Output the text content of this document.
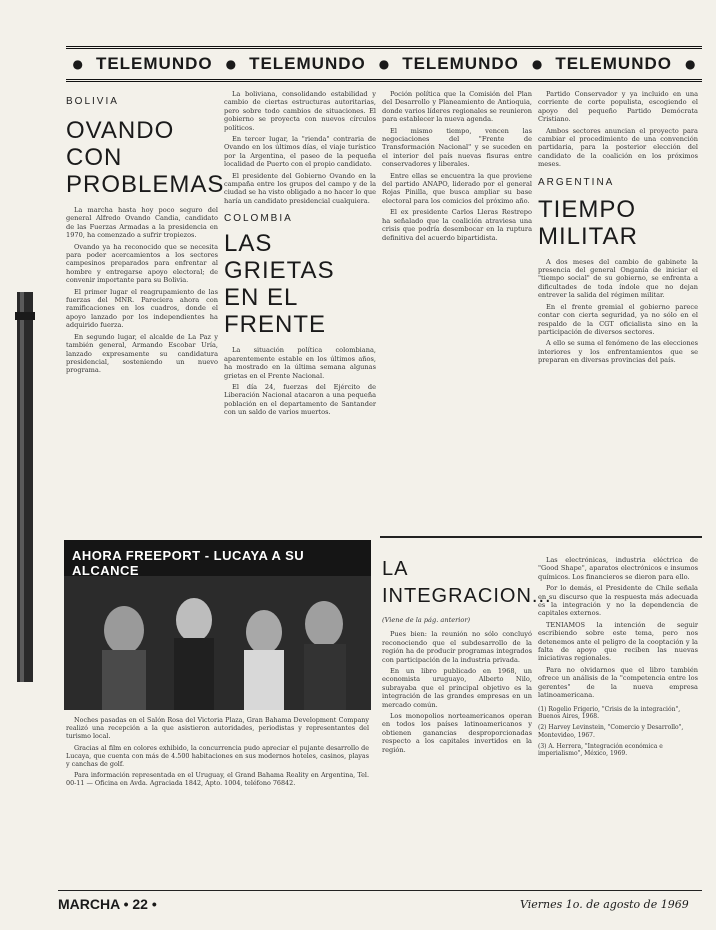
● TELEMUNDO ● TELEMUNDO ● TELEMUNDO ● TELEMUNDO ●
BOLIVIA
OVANDO
CON PROBLEMAS

La marcha hasta hoy poco seguro del general Alfredo Ovando Candia, candidato de las Fuerzas Armadas a la presidencia en 1970, ha comenzado a sufrir tropiezos.

Ovando ya ha reconocido que se necesita para poder acercamientos a los sectores campesinos preparados para enfrentar al hombre y entregarse apoyo electoral; de convenir importante para su Bolivia.

El primer lugar el reagrupamiento de las fuerzas del MNR. Pareciera ahora con ramificaciones en los cuadros, donde el apoyo lanzado por los independientes ha adquirido fuerza.

En segundo lugar, el alcalde de La Paz y también general, Armando Escobar Uría, lanzado expresamente su candidatura presidencial, sosteniendo un nuevo programa.

La boliviana, consolidando estabilidad y cambio de ciertas estructuras autoritarias, pero sobre todo cambios de situaciones. El gobierno se proyecta con nuevos círculos políticos.

En tercer lugar, la "rienda" contraria de Ovando en los últimos días, el viaje turístico por la Argentina, el paseo de la pequeña localidad de Puerto con el propio candidato.

El presidente del Gobierno Ovando en la campaña entre los grupos del campo y de la ciudad se ha visto obligado a no hacer lo que haría un candidato presidencial cualquiera.

COLOMBIA
LAS GRIETAS
EN EL FRENTE

La situación política colombiana, aparentemente estable en los últimos años, ha mostrado en la última semana algunas grietas en el Frente Nacional.

El día 24, fuerzas del Ejército de Liberación Nacional atacaron a una pequeña población en el departamento de Santander con un saldo de varios muertos.

Poción política que la Comisión del Plan del Desarrollo y Planeamiento de Antioquia, donde varios líderes regionales se reunieron para establecer la nueva agenda.

El mismo tiempo, vencen las negociaciones del "Frente de Transformación Nacional" y se suceden en el interior del país nuevas fisuras entre conservadores y liberales.

Entre ellas se encuentra la que proviene del partido ANAPO, liderado por el general Rojas Pinilla, que busca ampliar su base electoral para los comicios del próximo año.

El ex presidente Carlos Lleras Restrepo ha señalado que la coalición atraviesa una crisis que podría desembocar en la ruptura definitiva del acuerdo bipartidista.

Partido Conservador y ya incluido en una corriente de corte populista, escogiendo el apoyo del pequeño Partido Demócrata Cristiano.

Ambos sectores anuncian el proyecto para cambiar el procedimiento de una convención partidaria, para la posterior elección del candidato de la coalición en los próximos meses.

ARGENTINA
TIEMPO
MILITAR

A dos meses del cambio de gabinete la presencia del general Onganía de iniciar el "tiempo social" de su gobierno, se enfrenta a dificultades de toda índole que no dejan entrever la salida del régimen militar.

En el frente gremial el gobierno parece contar con cierta seguridad, ya no sólo en el respaldo de la CGT oficialista sino en la participación de diversos sectores.

A ello se suma el fenómeno de las elecciones interiores y los enfrentamientos que se preparan en diversas provincias del país.

AHORA FREEPORT - LUCAYA A SU ALCANCE

Noches pasadas en el Salón Rosa del Victoria Plaza, Gran Bahama Development Company realizó una recepción a la que asistieron autoridades, periodistas y representantes del turismo local.

Gracias al film en colores exhibido, la concurrencia pudo apreciar el pujante desarrollo de Lucaya, que cuenta con más de 4.500 habitaciones en sus modernos hoteles, casinos, playas y canchas de golf.

Para información representada en el Uruguay, el Grand Bahama Reality en Argentina, Tel. 00-11 — Oficina en Avda. Agraciada 1842, Apto. 1004, teléfono 76842.

LA INTEGRACION...
(Viene de la pág. anterior)

Pues bien: la reunión no sólo concluyó reconociendo que el subdesarrollo de la región ha de producir programas integrados con participación de la industria privada.

En un libro publicado en 1968, un economista uruguayo, Alberto Nilo, subrayaba que el principal objetivo es la integración de las grandes empresas en un mercado común.

Los monopolios norteamericanos operan en todos los países latinoamericanos y obtienen ganancias desproporcionadas respecto a los capitales invertidos en la región.

Las electrónicas, industria eléctrica de "Good Shape", aparatos electrónicos e insumos químicos. Los financieros se dieron para ello.

Por lo demás, el Presidente de Chile señala en su discurso que la respuesta más adecuada es la integración y no la dependencia de capitales externos.

TENIAMOS la intención de seguir escribiendo sobre este tema, pero nos detenemos ante el peligro de la cooptación y la falta de apoyo que reciben las nuevas iniciativas regionales.

Para no olvidarnos que el libro también ofrece un análisis de la "competencia entre los gerentes" de la nueva empresa latinoamericana.

(1) Rogelio Frigerio, "Crisis de la integración", Buenos Aires, 1968.
(2) Harvey Levinstein, "Comercio y Desarrollo", Montevideo, 1967.
(3) A. Herrera, "Integración económica e imperialismo", México, 1969.
MARCHA • 22 •	Viernes 1o. de agosto de 1969
